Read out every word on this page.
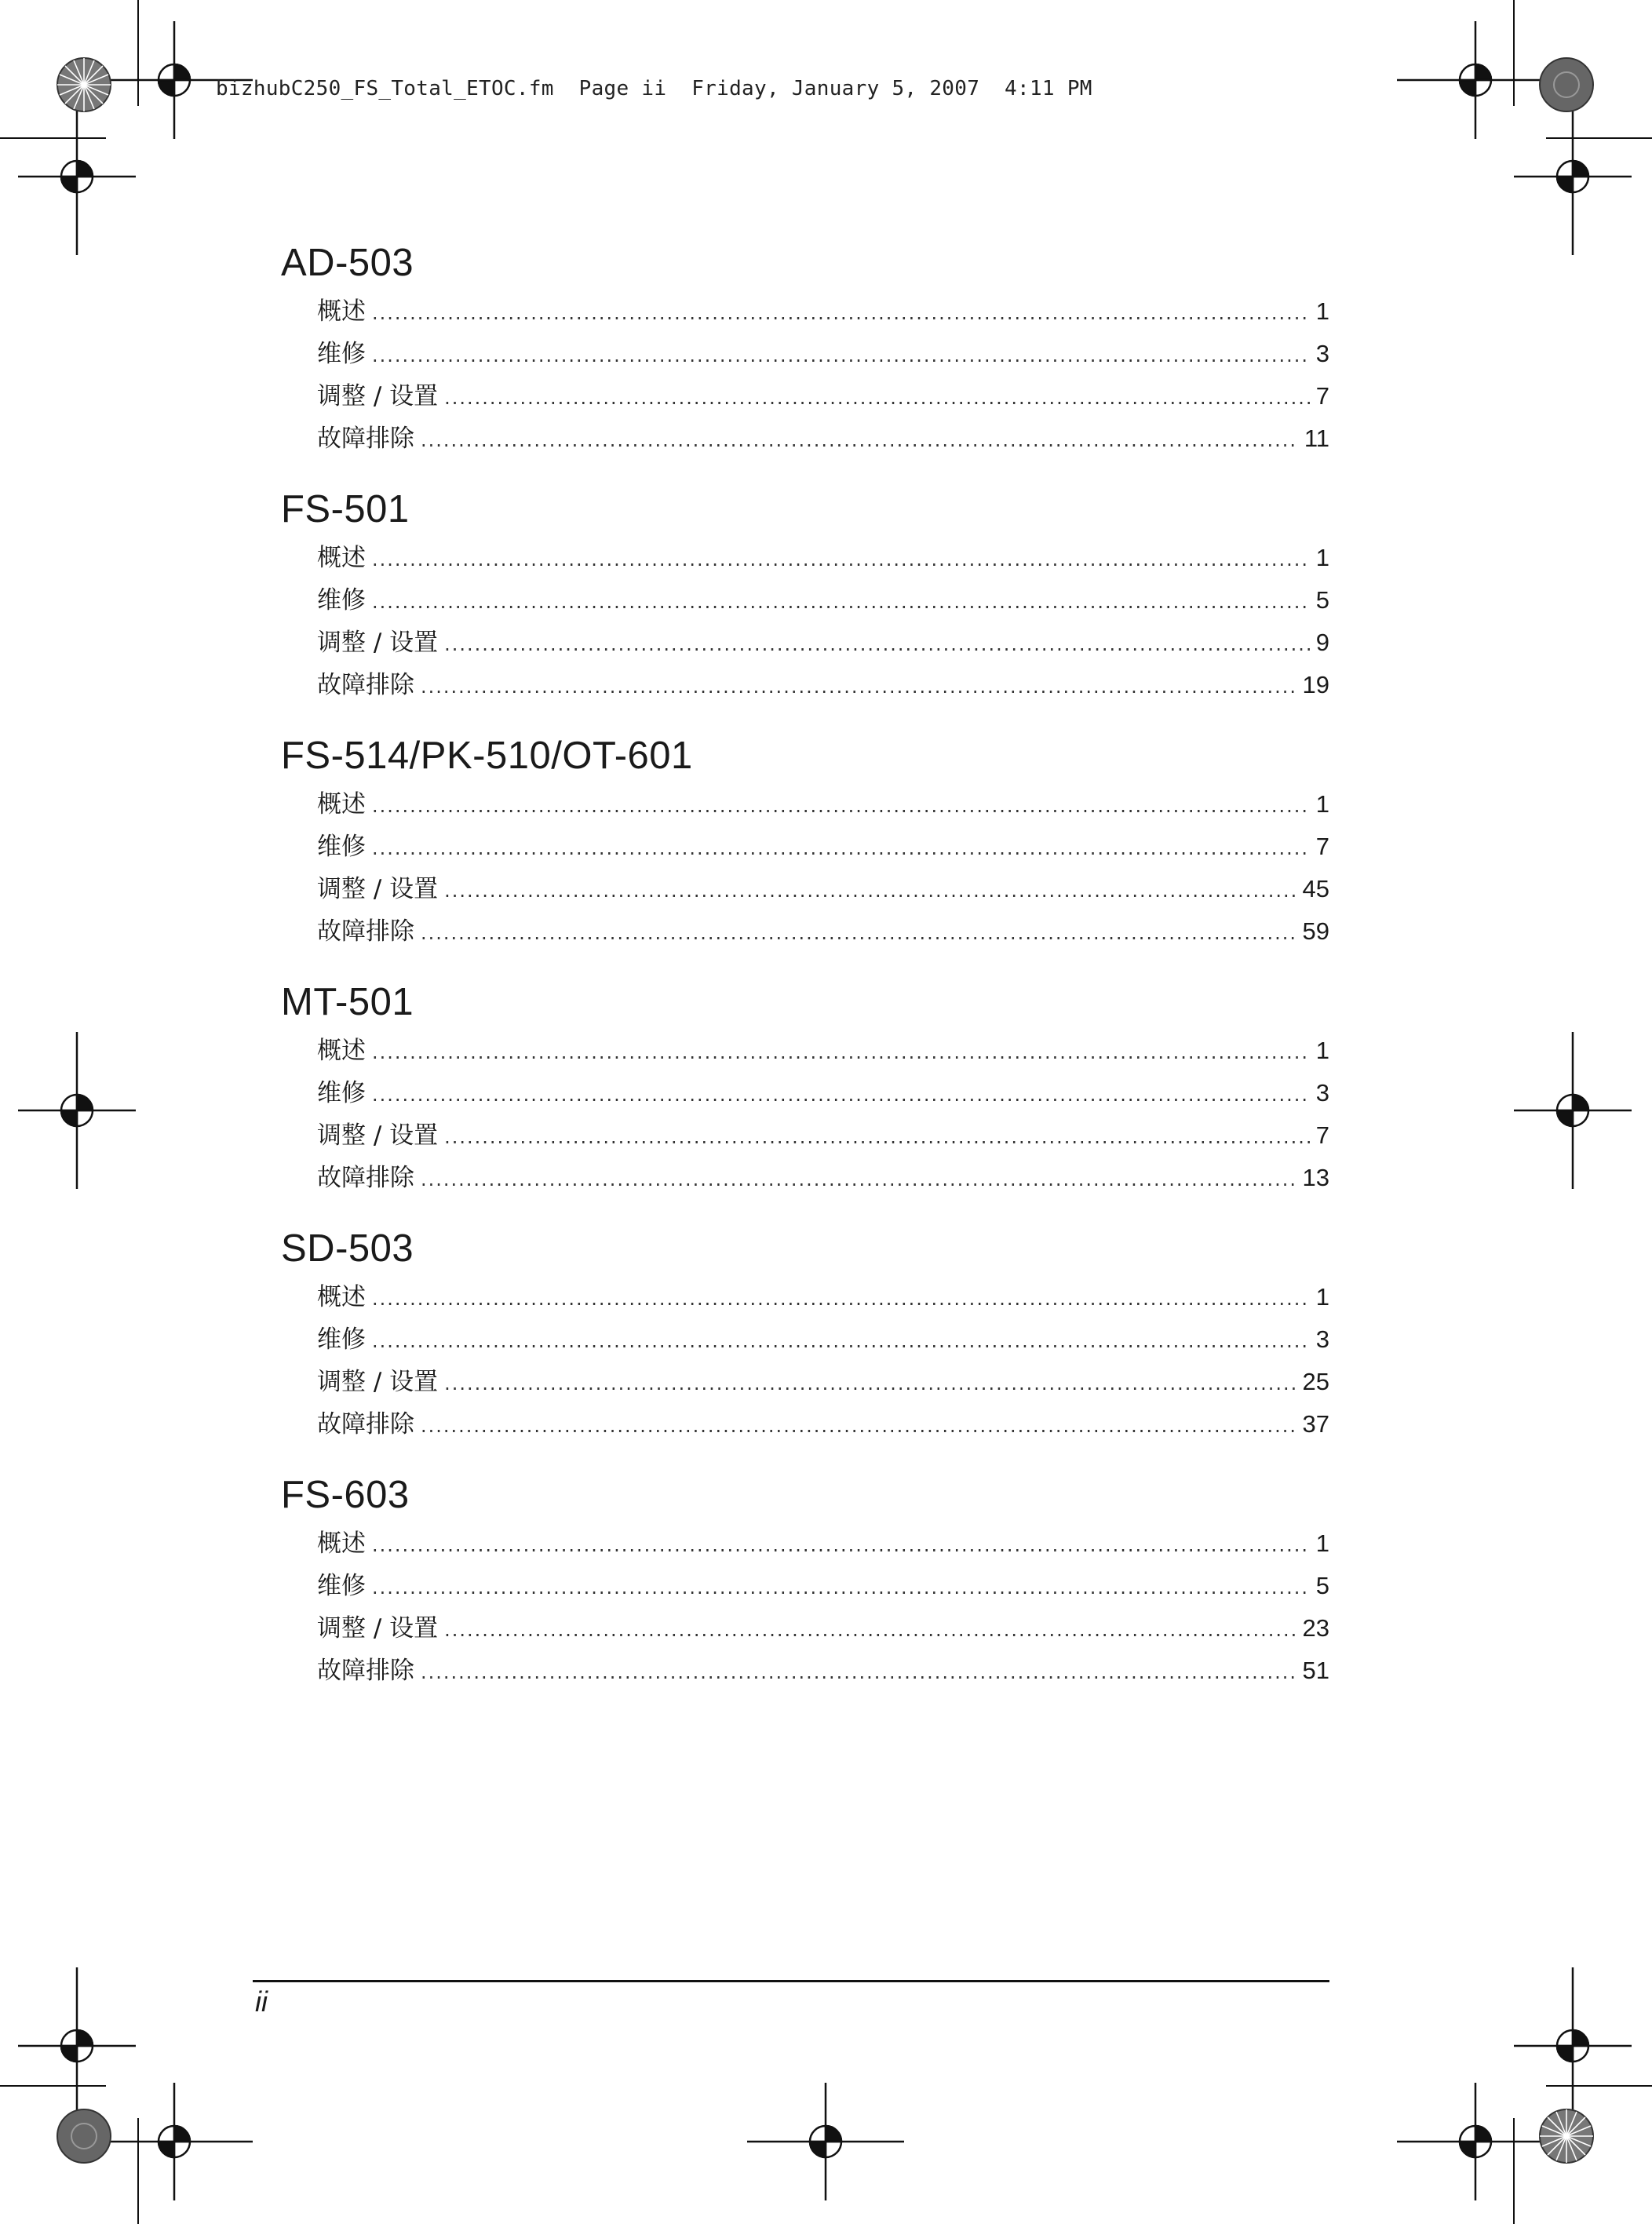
bizhubC250_FS_Total_ETOC.fm  Page ii  Friday, January 5, 2007  4:11 PM
AD-503
概述 .....	1
维修 .....	3
调整 / 设置 .....	7
故障排除 .....	11
FS-501
概述 .....	1
维修 .....	5
调整 / 设置 .....	9
故障排除 .....	19
FS-514/PK-510/OT-601
概述 .....	1
维修 .....	7
调整 / 设置 .....	45
故障排除 .....	59
MT-501
概述 .....	1
维修 .....	3
调整 / 设置 .....	7
故障排除 .....	13
SD-503
概述 .....	1
维修 .....	3
调整 / 设置 .....	25
故障排除 .....	37
FS-603
概述 .....	1
维修 .....	5
调整 / 设置 .....	23
故障排除 .....	51
ii
